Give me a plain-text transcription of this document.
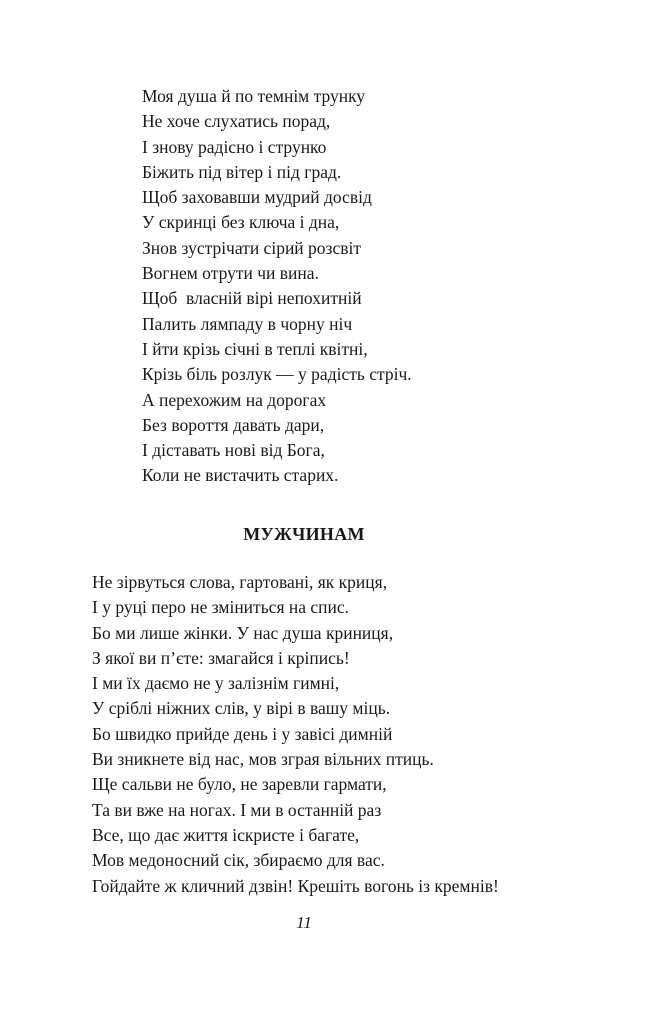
Моя душа й по темнім трунку
Не хоче слухатись порад,
І знову радісно і струнко
Біжить під вітер і під град.
Щоб заховавши мудрий досвід
У скринці без ключа і дна,
Знов зустрічати сірий розсвіт
Вогнем отрути чи вина.
Щоб  власній вірі непохитній
Палить лямпаду в чорну ніч
І йти крізь січні в теплі квітні,
Крізь біль розлук — у радість стріч.
А перехожим на дорогах
Без вороття давать дари,
І діставать нові від Бога,
Коли не вистачить старих.
МУЖЧИНАМ
Не зірвуться слова, гартовані, як криця,
І у руці перо не зміниться на спис.
Бо ми лише жінки. У нас душа криниця,
З якої ви п’єте: змагайся і кріпись!
І ми їх даємо не у залізнім гимні,
У сріблі ніжних слів, у вірі в вашу міць.
Бо швидко прийде день і у завісі димній
Ви зникнете від нас, мов зграя вільних птиць.
Ще сальви не було, не заревли гармати,
Та ви вже на ногах. І ми в останній раз
Все, що дає життя іскристе і багате,
Мов медоносний сік, збираємо для вас.
Гойдайте ж кличний дзвін! Крешіть вогонь із кремнів!
11
